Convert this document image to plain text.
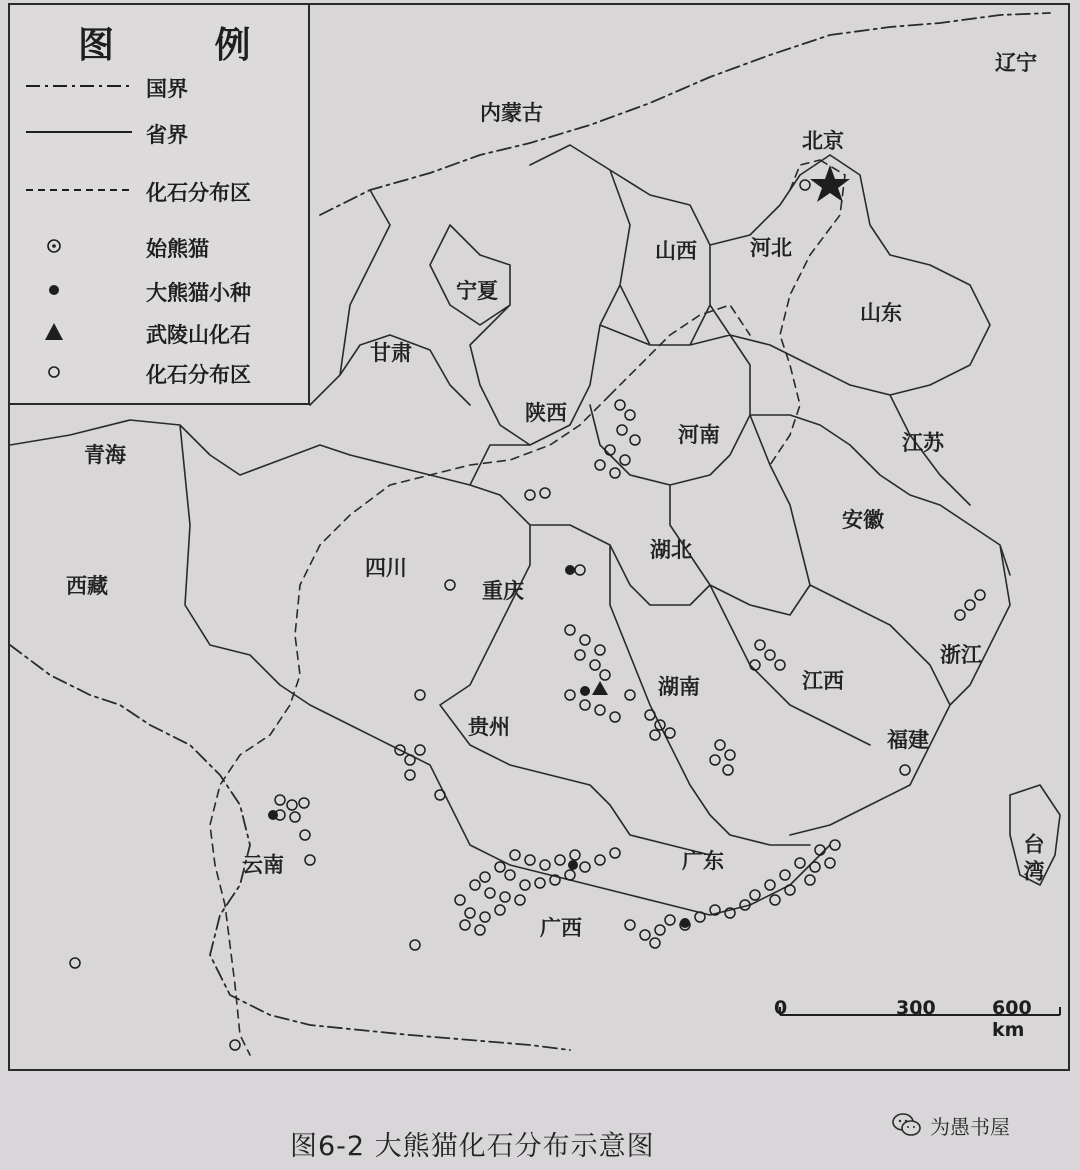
图 例
国界
省界
化石分布区
始熊猫
大熊猫小种
武陵山化石
化石分布区
内蒙古
辽宁
北京
山西	河北
宁夏
山东
甘肃
陕西
河南	江苏
青海
安徽
湖北
四川
西藏	重庆
浙江
湖南	江西
贵州
福建
云南	台湾
广东
广西
0	300	600 km
图6-2 大熊猫化石分布示意图
为愚书屋
